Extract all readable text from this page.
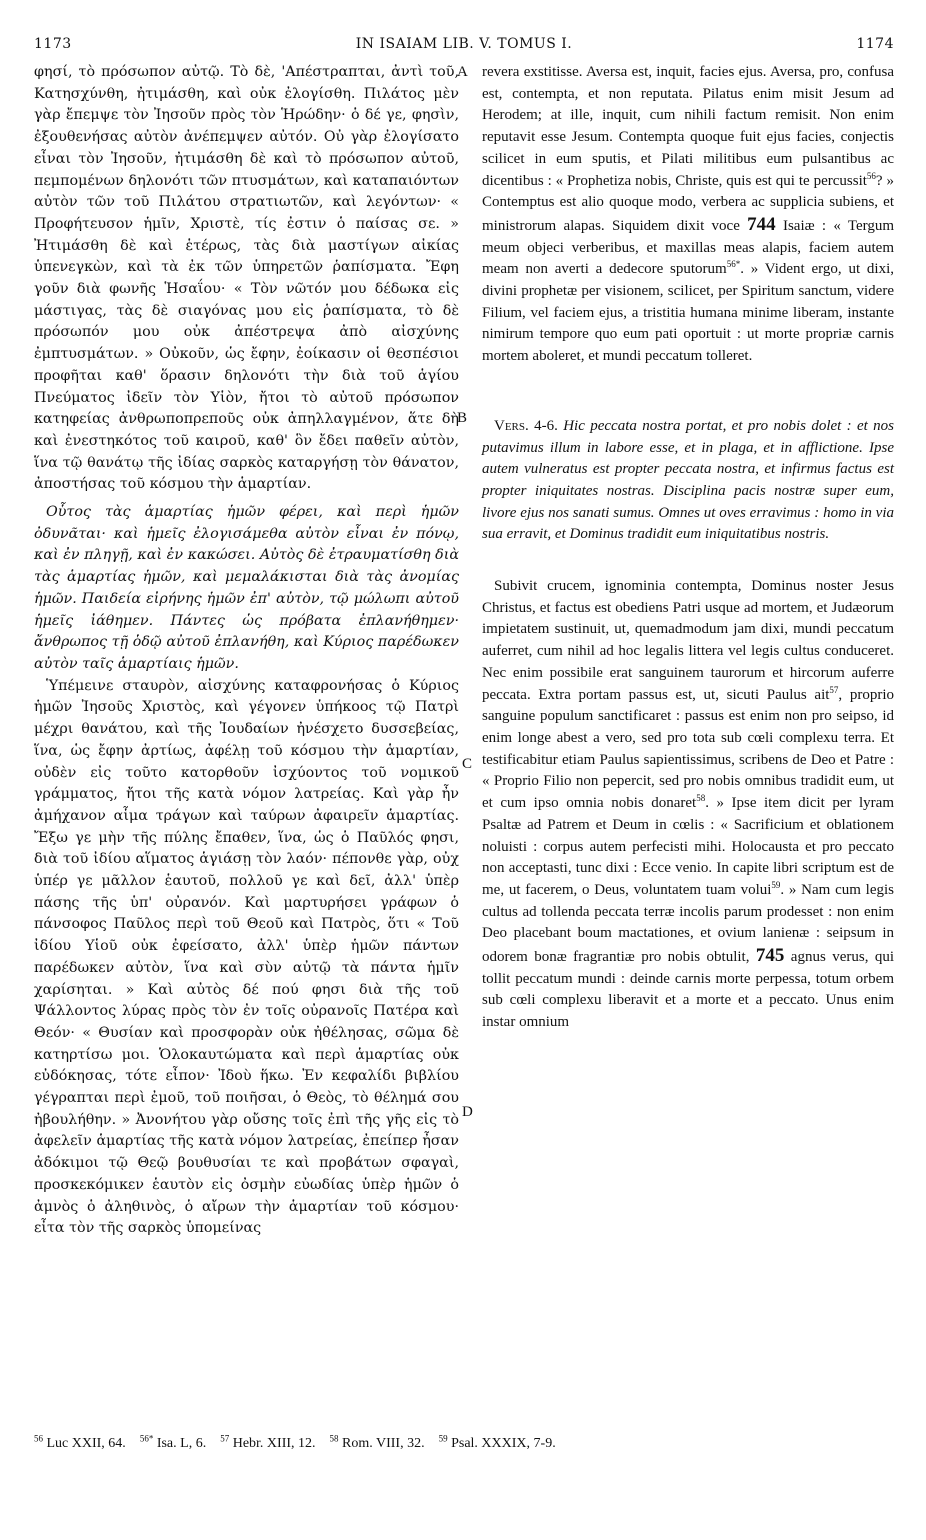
1173	IN ISAIAM LIB. V. TOMUS I.	1174
A
B
C
D

φησί, τὸ πρόσωπον αὐτῷ. Τὸ δὲ, 'Απέστραπται, ἀντὶ τοῦ, Κατησχύνθη, ἠτιμάσθη, καὶ οὐκ ἐλογίσθη. Πιλάτος μὲν γὰρ ἔπεμψε τὸν Ἰησοῦν πρὸς τὸν Ἡρώδην· ὁ δέ γε, φησὶν, ἐξουθενήσας αὐτὸν ἀνέπεμψεν αὐτόν. Οὐ γὰρ ἐλογίσατο εἶναι τὸν Ἰησοῦν, ἠτιμάσθη δὲ καὶ τὸ πρόσωπον αὐτοῦ, πεμπομένων δηλονότι τῶν πτυσμάτων, καὶ καταπαιόντων αὐτὸν τῶν τοῦ Πιλάτου στρατιωτῶν, καὶ λεγόντων· « Προφήτευσον ἡμῖν, Χριστὲ, τίς ἐστιν ὁ παίσας σε. » Ἠτιμάσθη δὲ καὶ ἑτέρως, τὰς διὰ μαστίγων αἰκίας ὑπενεγκὼν, καὶ τὰ ἐκ τῶν ὑπηρετῶν ῥαπίσματα. Ἔφη γοῦν διὰ φωνῆς Ἡσαΐου· « Τὸν νῶτόν μου δέδωκα εἰς μάστιγας, τὰς δὲ σιαγόνας μου εἰς ῥαπίσματα, τὸ δὲ πρόσωπόν μου οὐκ ἀπέστρεψα ἀπὸ αἰσχύνης ἐμπτυσμάτων. » Οὐκοῦν, ὡς ἔφην, ἐοίκασιν οἱ θεσπέσιοι προφῆται καθ' ὅρασιν δηλονότι τὴν διὰ τοῦ ἁγίου Πνεύματος ἰδεῖν τὸν Υἱὸν, ἤτοι τὸ αὐτοῦ πρόσωπον κατηφείας ἀνθρωποπρεποῦς οὐκ ἀπηλλαγμένον, ἅτε δὴ καὶ ἐνεστηκότος τοῦ καιροῦ, καθ' ὃν ἔδει παθεῖν αὐτὸν, ἵνα τῷ θανάτῳ τῆς ἰδίας σαρκὸς καταργήσῃ τὸν θάνατον, ἀποστήσας τοῦ κόσμου τὴν ἁμαρτίαν.

Οὗτος τὰς ἁμαρτίας ἡμῶν φέρει, καὶ περὶ ἡμῶν ὀδυνᾶται· καὶ ἡμεῖς ἐλογισάμεθα αὐτὸν εἶναι ἐν πόνῳ, καὶ ἐν πληγῇ, καὶ ἐν κακώσει. Αὐτὸς δὲ ἐτραυματίσθη διὰ τὰς ἁμαρτίας ἡμῶν, καὶ μεμαλάκισται διὰ τὰς ἀνομίας ἡμῶν. Παιδεία εἰρήνης ἡμῶν ἐπ' αὐτὸν, τῷ μώλωπι αὐτοῦ ἡμεῖς ἰάθημεν. Πάντες ὡς πρόβατα ἐπλανήθημεν· ἄνθρωπος τῇ ὁδῷ αὐτοῦ ἐπλανήθη, καὶ Κύριος παρέδωκεν αὐτὸν ταῖς ἁμαρτίαις ἡμῶν.

Ὑπέμεινε σταυρὸν, αἰσχύνης καταφρονήσας ὁ Κύριος ἡμῶν Ἰησοῦς Χριστὸς, καὶ γέγονεν ὑπήκοος τῷ Πατρὶ μέχρι θανάτου, καὶ τῆς Ἰουδαίων ἠνέσχετο δυσσεβείας, ἵνα, ὡς ἔφην ἀρτίως, ἀφέλῃ τοῦ κόσμου τὴν ἁμαρτίαν, οὐδὲν εἰς τοῦτο κατορθοῦν ἰσχύοντος τοῦ νομικοῦ γράμματος, ἤτοι τῆς κατὰ νόμον λατρείας. Καὶ γὰρ ἦν ἀμήχανον αἷμα τράγων καὶ ταύρων ἀφαιρεῖν ἁμαρτίας. Ἔξω γε μὴν τῆς πύλης ἔπαθεν, ἵνα, ὡς ὁ Παῦλός φησι, διὰ τοῦ ἰδίου αἵματος ἁγιάσῃ τὸν λαόν· πέπονθε γὰρ, οὐχ ὑπέρ γε μᾶλλον ἑαυτοῦ, πολλοῦ γε καὶ δεῖ, ἀλλ' ὑπὲρ πάσης τῆς ὑπ' οὐρανόν. Καὶ μαρτυρήσει γράφων ὁ πάνσοφος Παῦλος περὶ τοῦ Θεοῦ καὶ Πατρὸς, ὅτι « Τοῦ ἰδίου Υἱοῦ οὐκ ἐφείσατο, ἀλλ' ὑπὲρ ἡμῶν πάντων παρέδωκεν αὐτὸν, ἵνα καὶ σὺν αὐτῷ τὰ πάντα ἡμῖν χαρίσηται. » Καὶ αὐτὸς δέ πού φησι διὰ τῆς τοῦ Ψάλλοντος λύρας πρὸς τὸν ἐν τοῖς οὐρανοῖς Πατέρα καὶ Θεόν· « Θυσίαν καὶ προσφορὰν οὐκ ἠθέλησας, σῶμα δὲ κατηρτίσω μοι. Ὁλοκαυτώματα καὶ περὶ ἁμαρτίας οὐκ εὐδόκησας, τότε εἶπον· Ἰδοὺ ἥκω. Ἐν κεφαλίδι βιβλίου γέγραπται περὶ ἐμοῦ, τοῦ ποιῆσαι, ὁ Θεὸς, τὸ θέλημά σου ἠβουλήθην. » Ἀνονήτου γὰρ οὔσης τοῖς ἐπὶ τῆς γῆς εἰς τὸ ἀφελεῖν ἁμαρτίας τῆς κατὰ νόμον λατρείας, ἐπείπερ ἦσαν ἀδόκιμοι τῷ Θεῷ βουθυσίαι τε καὶ προβάτων σφαγαὶ, προσκεκόμικεν ἑαυτὸν εἰς ὀσμὴν εὐωδίας ὑπὲρ ἡμῶν ὁ ἀμνὸς ὁ ἀληθινὸς, ὁ αἴρων τὴν ἁμαρτίαν τοῦ κόσμου· εἶτα τὸν τῆς σαρκὸς ὑπομείνας

revera exstitisse. Aversa est, inquit, facies ejus. Aversa, pro, confusa est, contempta, et non reputata. Pilatus enim misit Jesum ad Herodem; at ille, inquit, cum nihili factum remisit. Non enim reputavit esse Jesum. Contempta quoque fuit ejus facies, conjectis scilicet in eum sputis, et Pilati militibus eum pulsantibus ac dicentibus : « Prophetiza nobis, Christe, quis est qui te percussit$^{56}$? » Contemptus est alio quoque modo, verbera ac supplicia subiens, et ministrorum alapas. Siquidem dixit voce 744 Isaiæ : « Tergum meum objeci verberibus, et maxillas meas alapis, faciem autem meam non averti a dedecore sputorum$^{56*}$. » Vident ergo, ut dixi, divini prophetæ per visionem, scilicet, per Spiritum sanctum, videre Filium, vel faciem ejus, a tristitia humana minime liberam, instante nimirum tempore quo eum pati oportuit : ut morte propriæ carnis mortem aboleret, et mundi peccatum tolleret.

Vers. 4-6. Hic peccata nostra portat, et pro nobis dolet : et nos putavimus illum in labore esse, et in plaga, et in afflictione. Ipse autem vulneratus est propter peccata nostra, et infirmus factus est propter iniquitates nostras. Disciplina pacis nostræ super eum, livore ejus nos sanati sumus. Omnes ut oves erravimus : homo in via sua erravit, et Dominus tradidit eum iniquitatibus nostris.

Subivit crucem, ignominia contempta, Dominus noster Jesus Christus, et factus est obediens Patri usque ad mortem, et Judæorum impietatem sustinuit, ut, quemadmodum jam dixi, mundi peccatum auferret, cum nihil ad hoc legalis littera vel legis cultus conduceret. Nec enim possibile erat sanguinem taurorum et hircorum auferre peccata. Extra portam passus est, ut, sicuti Paulus ait$^{57}$, proprio sanguine populum sanctificaret : passus est enim non pro seipso, id enim longe abest a vero, sed pro tota sub cœli complexu terra. Et testificabitur etiam Paulus sapientissimus, scribens de Deo et Patre : « Proprio Filio non pepercit, sed pro nobis omnibus tradidit eum, ut et cum ipso omnia nobis donaret$^{58}$. » Ipse item dicit per lyram Psaltæ ad Patrem et Deum in cœlis : « Sacrificium et oblationem noluisti : corpus autem perfecisti mihi. Holocausta et pro peccato non acceptasti, tunc dixi : Ecce venio. In capite libri scriptum est de me, ut facerem, o Deus, voluntatem tuam volui$^{59}$. » Nam cum legis cultus ad tollenda peccata terræ incolis parum prodesset : non enim Deo placebant boum mactationes, et ovium lanienæ : seipsum in odorem bonæ fragrantiæ pro nobis obtulit, 745 agnus verus, qui tollit peccatum mundi : deinde carnis morte perpessa, totum orbem sub cœli complexu liberavit et a morte et a peccato. Unus enim instar omnium

$^{56}$ Luc XXII, 64. $^{56*}$ Isa. L, 6. $^{57}$ Hebr. XIII, 12. $^{58}$ Rom. VIII, 32. $^{59}$ Psal. XXXIX, 7-9.
